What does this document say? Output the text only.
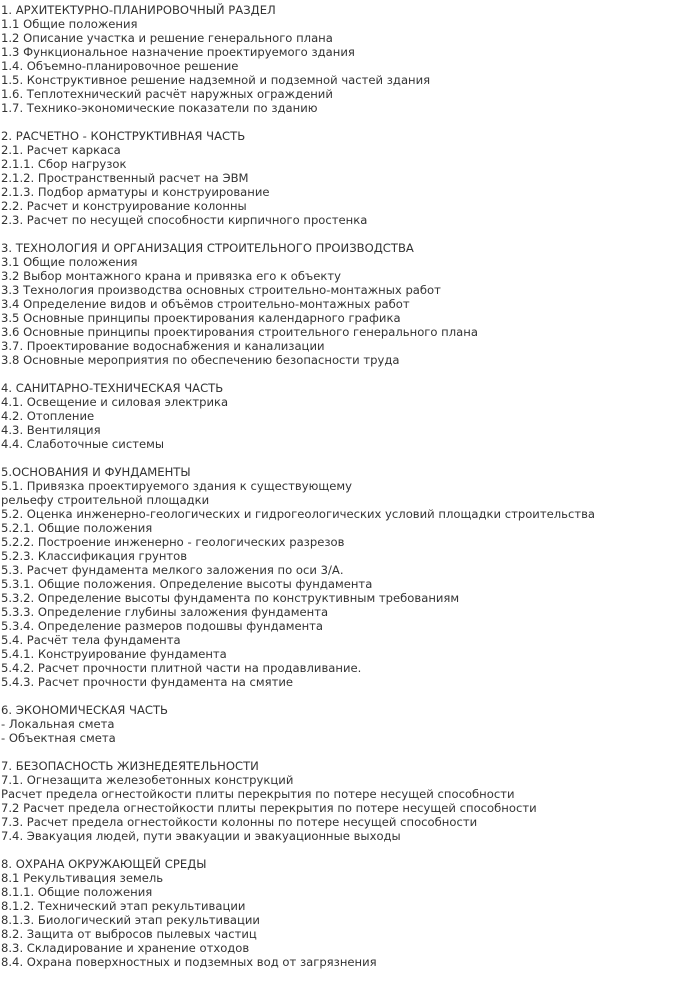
1. АРХИТЕКТУРНО-ПЛАНИРОВОЧНЫЙ РАЗДЕЛ
1.1 Общие положения
1.2 Описание участка и решение генерального плана
1.3 Функциональное назначение проектируемого здания
1.4. Объемно-планировочное решение
1.5. Конструктивное решение надземной и подземной частей здания
1.6. Теплотехнический расчёт наружных ограждений
1.7. Технико-экономические показатели по зданию
2. РАСЧЕТНО - КОНСТРУКТИВНАЯ ЧАСТЬ
2.1. Расчет каркаса
2.1.1. Сбор нагрузок
2.1.2. Пространственный расчет на ЭВМ
2.1.3. Подбор арматуры и конструирование
2.2. Расчет и конструирование колонны
2.3. Расчет по несущей способности кирпичного простенка
3. ТЕХНОЛОГИЯ И ОРГАНИЗАЦИЯ СТРОИТЕЛЬНОГО ПРОИЗВОДСТВА
3.1 Общие положения
3.2 Выбор монтажного крана и привязка его к объекту
3.3 Технология производства основных строительно-монтажных работ
3.4 Определение видов и объёмов строительно-монтажных работ
3.5 Основные принципы проектирования календарного графика
3.6 Основные принципы проектирования строительного генерального плана
3.7. Проектирование водоснабжения и канализации
3.8 Основные мероприятия по обеспечению безопасности труда
4. САНИТАРНО-ТЕХНИЧЕСКАЯ ЧАСТЬ
4.1. Освещение и силовая электрика
4.2. Отопление
4.3. Вентиляция
4.4. Слаботочные системы
5.ОСНОВАНИЯ И ФУНДАМЕНТЫ
5.1. Привязка проектируемого здания к существующему
рельефу строительной площадки
5.2. Оценка инженерно-геологических и гидрогеологических условий площадки строительства
5.2.1. Общие положения
5.2.2. Построение инженерно - геологических разрезов
5.2.3. Классификация грунтов
5.3. Расчет фундамента мелкого заложения по оси 3/А.
5.3.1. Общие положения. Определение высоты фундамента
5.3.2. Определение высоты фундамента по конструктивным требованиям
5.3.3. Определение глубины заложения фундамента
5.3.4. Определение размеров подошвы фундамента
5.4. Расчёт тела фундамента
5.4.1. Конструирование фундамента
5.4.2. Расчет прочности плитной части на продавливание.
5.4.3. Расчет прочности фундамента на смятие
6. ЭКОНОМИЧЕСКАЯ ЧАСТЬ
- Локальная смета
- Объектная смета
7. БЕЗОПАСНОСТЬ ЖИЗНЕДЕЯТЕЛЬНОСТИ
7.1. Огнезащита железобетонных конструкций
Расчет предела огнестойкости плиты перекрытия по потере несущей способности
7.2 Расчет предела огнестойкости плиты перекрытия по потере несущей способности
7.3. Расчет предела огнестойкости колонны по потере несущей способности
7.4. Эвакуация людей, пути эвакуации и эвакуационные выходы
8. ОХРАНА ОКРУЖАЮЩЕЙ СРЕДЫ
8.1 Рекультивация земель
8.1.1. Общие положения
8.1.2. Технический этап рекультивации
8.1.3. Биологический этап рекультивации
8.2. Защита от выбросов пылевых частиц
8.3. Складирование и хранение отходов
8.4. Охрана поверхностных и подземных вод от загрязнения
